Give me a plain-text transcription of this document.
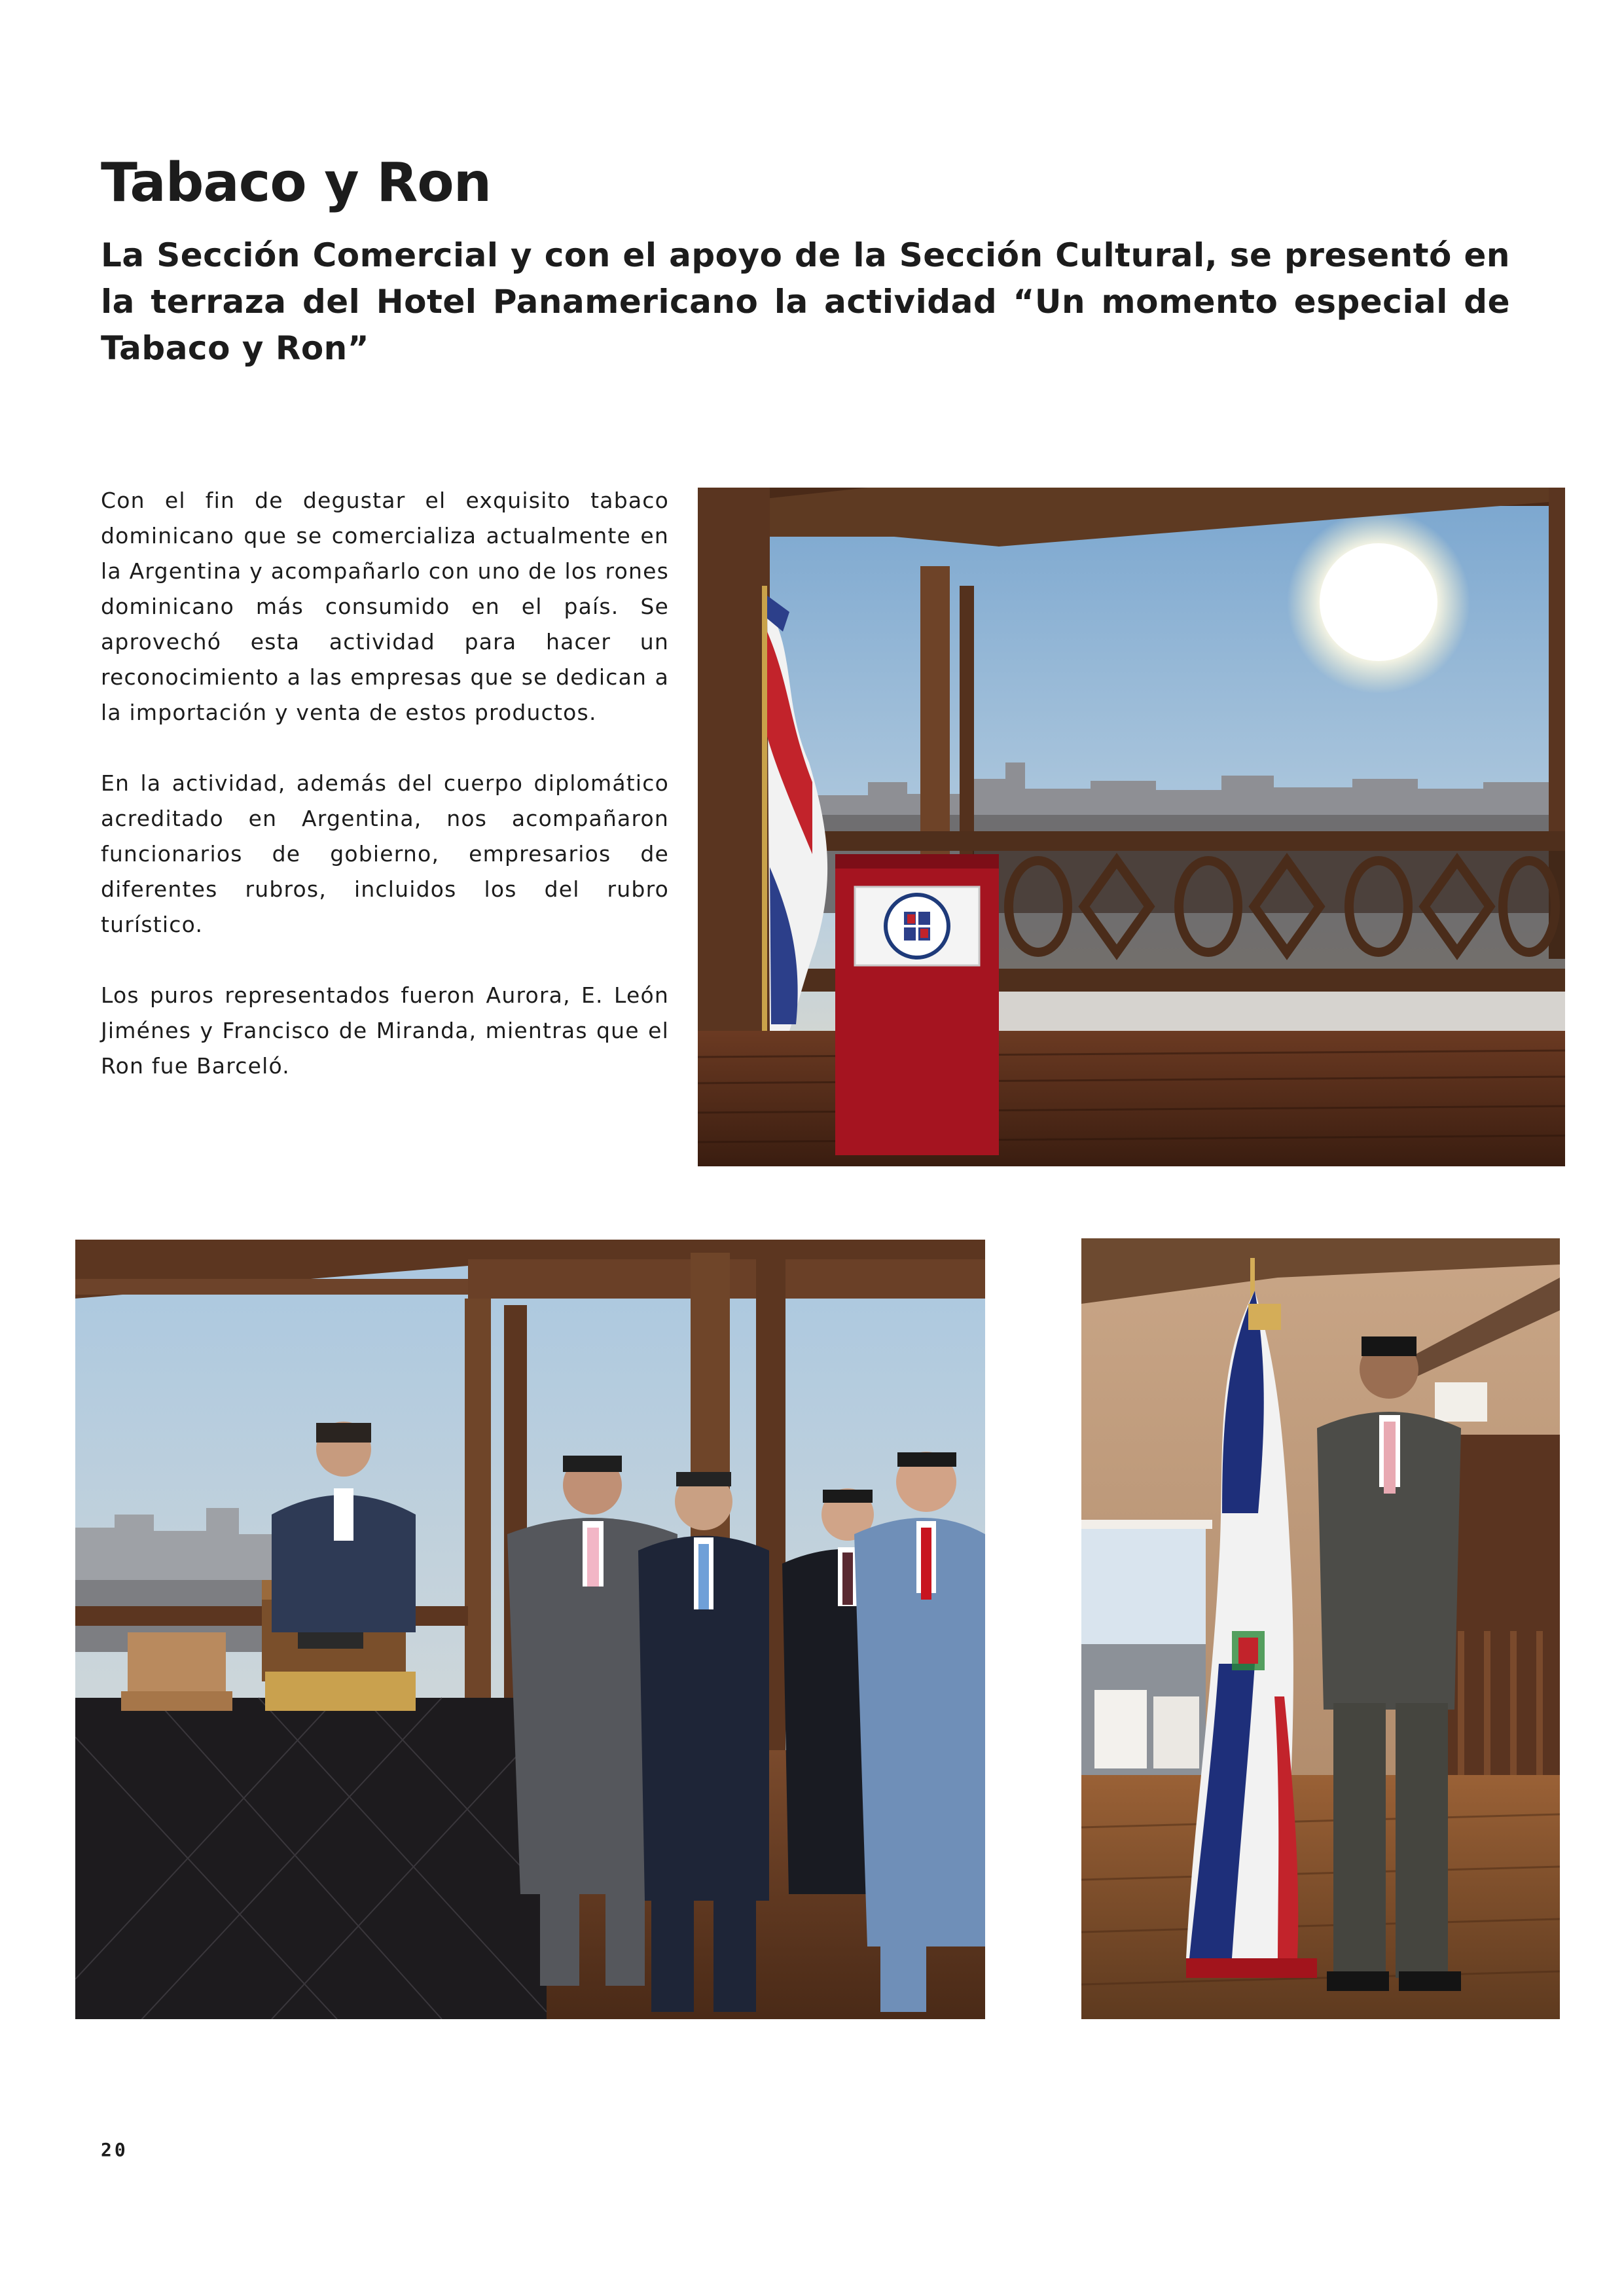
Tabaco y Ron
La Sección Comercial y con el apoyo de la Sección Cultural, se presentó en la terraza del Hotel Panamericano la actividad “Un momento especial de Tabaco y Ron”

Con el fin de degustar el exquisito tabaco dominicano que se comercializa actualmente en la Argentina y acompañarlo con uno de los rones dominicano más consumido en el país. Se aprovechó esta actividad para hacer un reconocimiento a las empresas que se dedican a la importación y venta de estos productos.

En la actividad, además del cuerpo diplomático acreditado en Argentina, nos acompañaron funcionarios de gobierno, empresarios de diferentes rubros, incluidos los del rubro turístico.

Los puros representados fueron Aurora, E. León Jiménes y Francisco de Miranda, mientras que el Ron fue Barceló.

20
